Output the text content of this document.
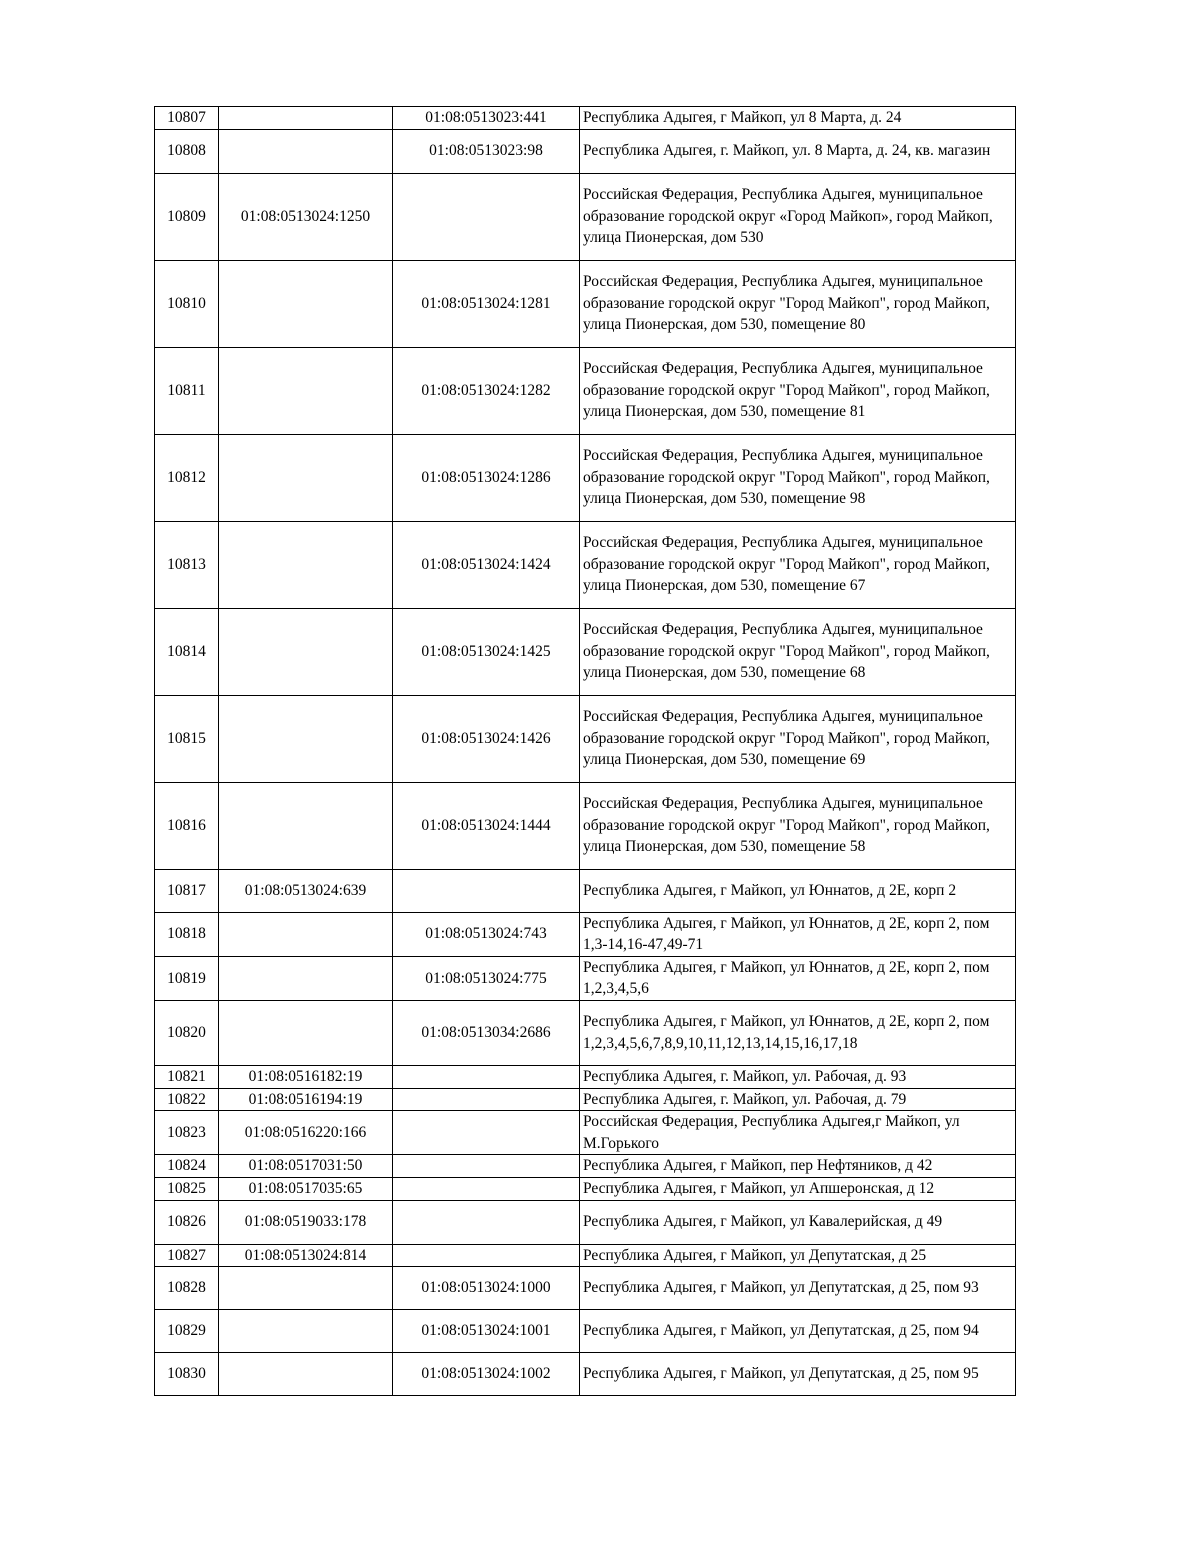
10807		01:08:0513023:441	Республика Адыгея, г Майкоп, ул 8 Марта, д. 24
10808		01:08:0513023:98	Республика Адыгея, г. Майкоп, ул. 8 Марта, д. 24, кв. магазин
10809	01:08:0513024:1250		Российская Федерация, Республика Адыгея, муниципальное образование городской округ «Город Майкоп», город Майкоп, улица Пионерская, дом 530
10810		01:08:0513024:1281	Российская Федерация, Республика Адыгея, муниципальное образование городской округ "Город Майкоп", город Майкоп, улица Пионерская, дом 530, помещение 80
10811		01:08:0513024:1282	Российская Федерация, Республика Адыгея, муниципальное образование городской округ "Город Майкоп", город Майкоп, улица Пионерская, дом 530, помещение 81
10812		01:08:0513024:1286	Российская Федерация, Республика Адыгея, муниципальное образование городской округ "Город Майкоп", город Майкоп, улица Пионерская, дом 530, помещение 98
10813		01:08:0513024:1424	Российская Федерация, Республика Адыгея, муниципальное образование городской округ "Город Майкоп", город Майкоп, улица Пионерская, дом 530, помещение 67
10814		01:08:0513024:1425	Российская Федерация, Республика Адыгея, муниципальное образование городской округ "Город Майкоп", город Майкоп, улица Пионерская, дом 530, помещение 68
10815		01:08:0513024:1426	Российская Федерация, Республика Адыгея, муниципальное образование городской округ "Город Майкоп", город Майкоп, улица Пионерская, дом 530, помещение 69
10816		01:08:0513024:1444	Российская Федерация, Республика Адыгея, муниципальное образование городской округ "Город Майкоп", город Майкоп, улица Пионерская, дом 530, помещение 58
10817	01:08:0513024:639		Республика Адыгея, г Майкоп, ул Юннатов, д 2Е, корп 2
10818		01:08:0513024:743	Республика Адыгея, г Майкоп, ул Юннатов, д 2Е, корп 2, пом 1,3-14,16-47,49-71
10819		01:08:0513024:775	Республика Адыгея, г Майкоп, ул Юннатов, д 2Е, корп 2, пом 1,2,3,4,5,6
10820		01:08:0513034:2686	Республика Адыгея, г Майкоп, ул Юннатов, д 2Е, корп 2, пом 1,2,3,4,5,6,7,8,9,10,11,12,13,14,15,16,17,18
10821	01:08:0516182:19		Республика Адыгея, г. Майкоп, ул. Рабочая, д. 93
10822	01:08:0516194:19		Республика Адыгея, г. Майкоп, ул. Рабочая, д. 79
10823	01:08:0516220:166		Российская Федерация, Республика Адыгея,г Майкоп, ул М.Горького
10824	01:08:0517031:50		Республика Адыгея, г Майкоп, пер Нефтяников, д 42
10825	01:08:0517035:65		Республика Адыгея, г Майкоп, ул Апшеронская, д 12
10826	01:08:0519033:178		Республика Адыгея, г Майкоп, ул Кавалерийская, д 49
10827	01:08:0513024:814		Республика Адыгея, г Майкоп, ул Депутатская, д 25
10828		01:08:0513024:1000	Республика Адыгея, г Майкоп, ул Депутатская, д 25, пом 93
10829		01:08:0513024:1001	Республика Адыгея, г Майкоп, ул Депутатская, д 25, пом 94
10830		01:08:0513024:1002	Республика Адыгея, г Майкоп, ул Депутатская, д 25, пом 95
